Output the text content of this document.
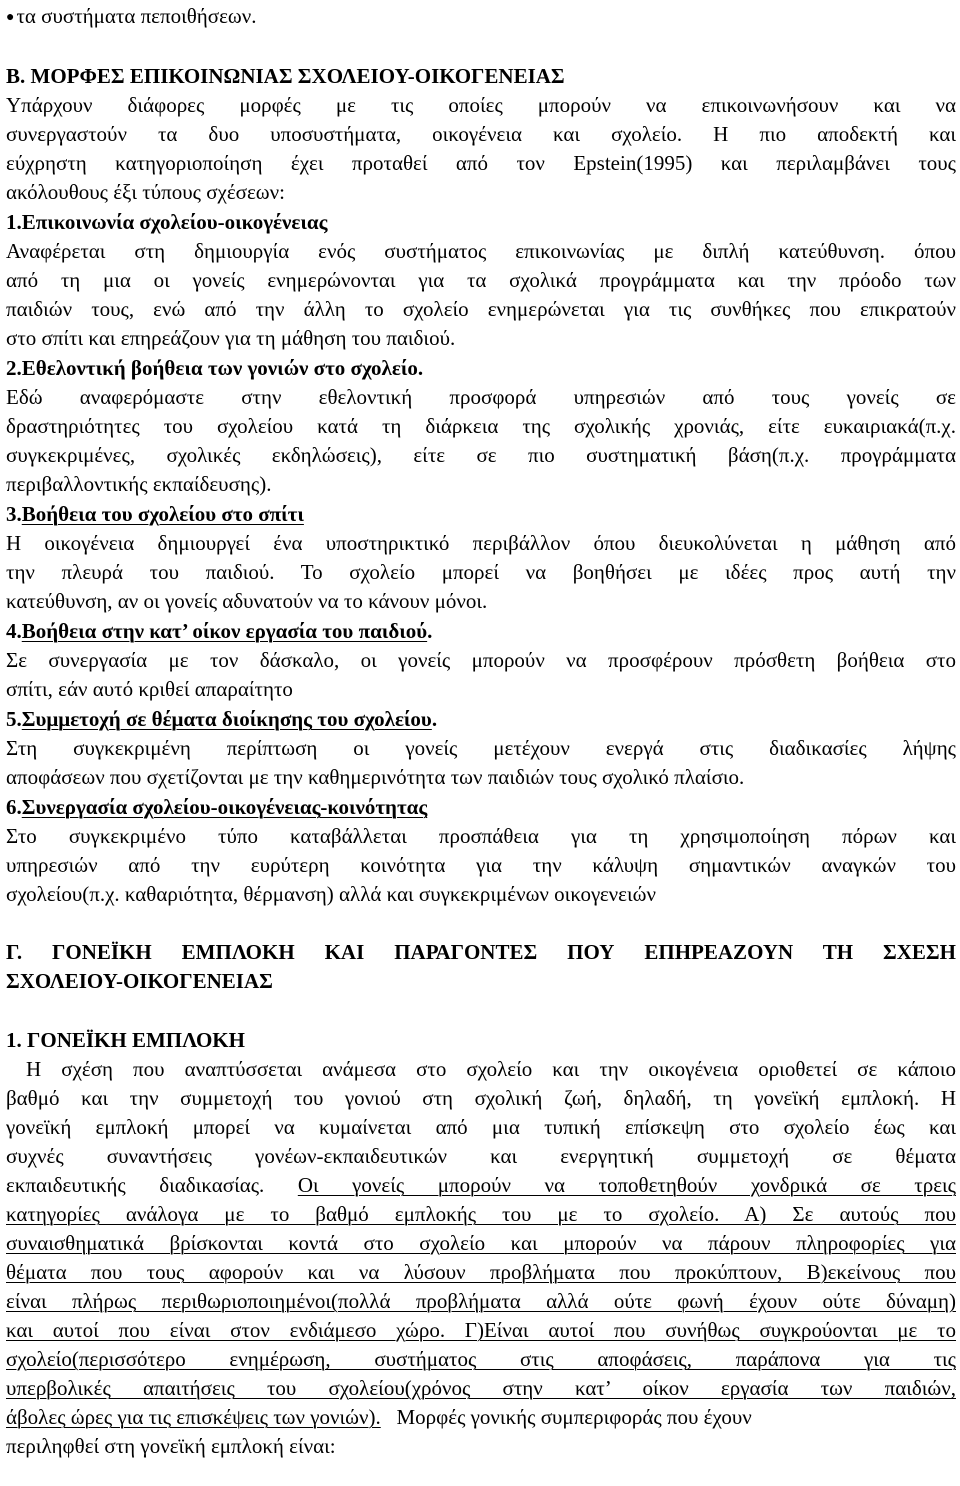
● τα συστήματα πεποιθήσεων.
Β. ΜΟΡΦΕΣ ΕΠΙΚΟΙΝΩΝΙΑΣ ΣΧΟΛΕΙΟΥ-ΟΙΚΟΓΕΝΕΙΑΣ
Υπάρχουν διάφορες μορφές με τις οποίες μπορούν να επικοινωνήσουν και να
συνεργαστούν τα δυο υποσυστήματα, οικογένεια και σχολείο. Η πιο αποδεκτή και
εύχρηστη κατηγοριοποίηση έχει προταθεί από τον Epstein(1995) και περιλαμβάνει τους
ακόλουθους έξι τύπους σχέσεων:
1.Επικοινωνία σχολείου-οικογένειας
Αναφέρεται στη δημιουργία ενός συστήματος επικοινωνίας με διπλή κατεύθυνση. όπου
από τη μια οι γονείς ενημερώνονται για τα σχολικά προγράμματα και την πρόοδο των
παιδιών τους, ενώ από την άλλη το σχολείο ενημερώνεται για τις συνθήκες που επικρατούν
στο σπίτι και επηρεάζουν για τη μάθηση του παιδιού.
2.Εθελοντική βοήθεια των γονιών στο σχολείο.
Εδώ αναφερόμαστε στην εθελοντική προσφορά υπηρεσιών από τους γονείς σε
δραστηριότητες του σχολείου κατά τη διάρκεια της σχολικής χρονιάς, είτε ευκαιριακά(π.χ.
συγκεκριμένες, σχολικές εκδηλώσεις), είτε σε πιο συστηματική βάση(π.χ. προγράμματα
περιβαλλοντικής εκπαίδευσης).
3.Βοήθεια του σχολείου στο σπίτι
Η οικογένεια δημιουργεί ένα υποστηρικτικό περιβάλλον όπου διευκολύνεται η μάθηση από
την πλευρά του παιδιού. Το σχολείο μπορεί να βοηθήσει με ιδέες προς αυτή την
κατεύθυνση, αν οι γονείς αδυνατούν να το κάνουν μόνοι.
4.Βοήθεια στην κατ’ οίκον εργασία του παιδιού.
Σε συνεργασία με τον δάσκαλο, οι γονείς μπορούν να προσφέρουν πρόσθετη βοήθεια στο
σπίτι, εάν αυτό κριθεί απαραίτητο
5.Συμμετοχή σε θέματα διοίκησης του σχολείου.
Στη συγκεκριμένη περίπτωση οι γονείς μετέχουν ενεργά στις διαδικασίες λήψης
αποφάσεων που σχετίζονται με την καθημερινότητα των παιδιών τους σχολικό πλαίσιο.
6.Συνεργασία σχολείου-οικογένειας-κοινότητας
Στο συγκεκριμένο τύπο καταβάλλεται προσπάθεια για τη χρησιμοποίηση πόρων και
υπηρεσιών από την ευρύτερη κοινότητα για την κάλυψη σημαντικών αναγκών του
σχολείου(π.χ. καθαριότητα, θέρμανση) αλλά και συγκεκριμένων οικογενειών
Γ. ΓΟΝΕΪΚΗ ΕΜΠΛΟΚΗ ΚΑΙ ΠΑΡΑΓΟΝΤΕΣ ΠΟΥ ΕΠΗΡΕΑΖΟΥΝ ΤΗ ΣΧΕΣΗ
ΣΧΟΛΕΙΟΥ-ΟΙΚΟΓΕΝΕΙΑΣ
1. ΓΟΝΕΪΚΗ ΕΜΠΛΟΚΗ
Η σχέση που αναπτύσσεται ανάμεσα στο σχολείο και την οικογένεια οριοθετεί σε κάποιο
βαθμό και την συμμετοχή του γονιού στη σχολική ζωή, δηλαδή, τη γονεϊκή εμπλοκή. Η
γονεϊκή εμπλοκή μπορεί να κυμαίνεται από μια τυπική επίσκεψη στο σχολείο έως και
συχνές συναντήσεις γονέων-εκπαιδευτικών και ενεργητική συμμετοχή σε θέματα
εκπαιδευτικής διαδικασίας. Οι γονείς μπορούν να τοποθετηθούν χονδρικά σε τρεις
κατηγορίες ανάλογα με το βαθμό εμπλοκής του με το σχολείο. Α) Σε αυτούς που
συναισθηματικά βρίσκονται κοντά στο σχολείο και μπορούν να πάρουν πληροφορίες για
θέματα που τους αφορούν και να λύσουν προβλήματα που προκύπτουν, Β)εκείνους που
είναι πλήρως περιθωριοποιημένοι(πολλά προβλήματα αλλά ούτε φωνή έχουν ούτε δύναμη)
και αυτοί που είναι στον ενδιάμεσο χώρο. Γ)Είναι αυτοί που συνήθως συγκρούονται με το
σχολείο(περισσότερο ενημέρωση, συστήματος στις αποφάσεις, παράπονα για τις
υπερβολικές απαιτήσεις του σχολείου(χρόνος στην κατ’ οίκον εργασία των παιδιών,
άβολες ώρες για τις επισκέψεις των γονιών).   Μορφές γονικής συμπεριφοράς που έχουν
περιληφθεί στη γονεϊκή εμπλοκή είναι:
